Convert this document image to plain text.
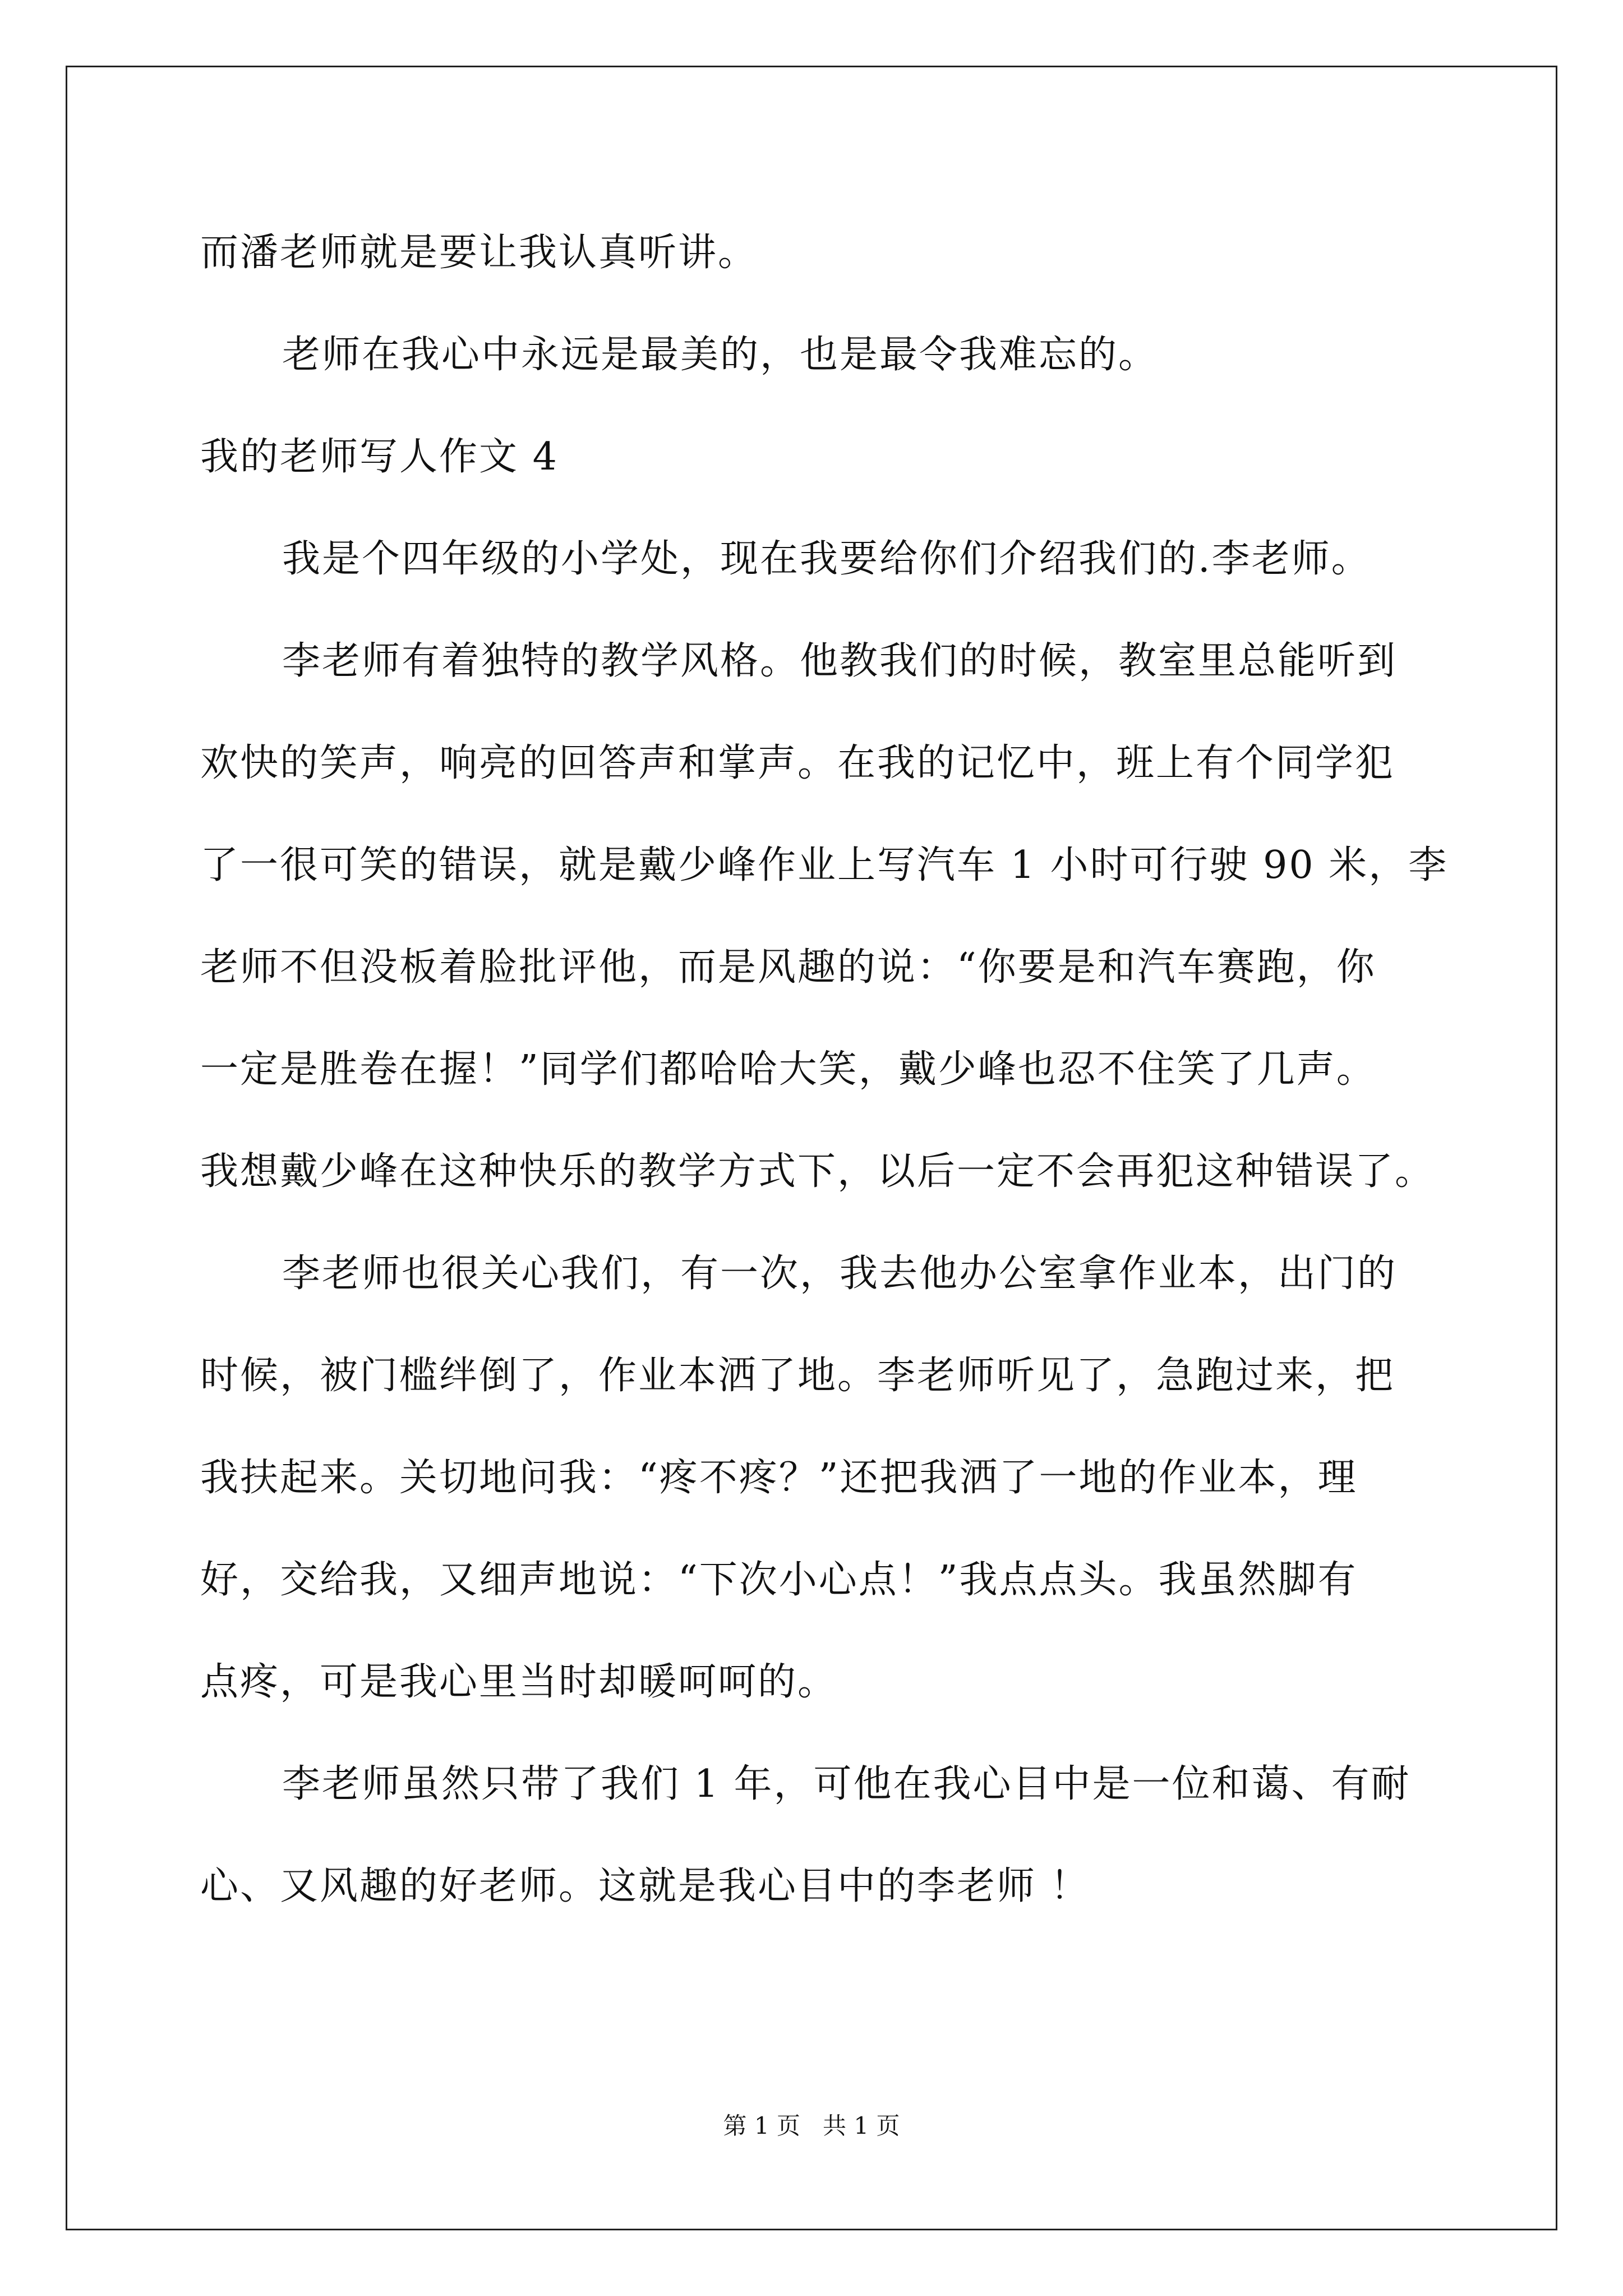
而潘老师就是要让我认真听讲。
老师在我心中永远是最美的，也是最令我难忘的。
我的老师写人作文 4
我是个四年级的小学处，现在我要给你们介绍我们的.李老师。
李老师有着独特的教学风格。他教我们的时候，教室里总能听到
欢快的笑声，响亮的回答声和掌声。在我的记忆中，班上有个同学犯
了一很可笑的错误，就是戴少峰作业上写汽车 1 小时可行驶 90 米，李
老师不但没板着脸批评他，而是风趣的说：“你要是和汽车赛跑，你
一定是胜卷在握！”同学们都哈哈大笑，戴少峰也忍不住笑了几声。
我想戴少峰在这种快乐的教学方式下，以后一定不会再犯这种错误了。
李老师也很关心我们，有一次，我去他办公室拿作业本，出门的
时候，被门槛绊倒了，作业本洒了地。李老师听见了，急跑过来，把
我扶起来。关切地问我：“疼不疼？”还把我洒了一地的作业本，理
好，交给我，又细声地说：“下次小心点！”我点点头。我虽然脚有
点疼，可是我心里当时却暖呵呵的。
李老师虽然只带了我们 1 年，可他在我心目中是一位和蔼、有耐
心、又风趣的好老师。这就是我心目中的李老师 ！
第 1 页   共 1 页
